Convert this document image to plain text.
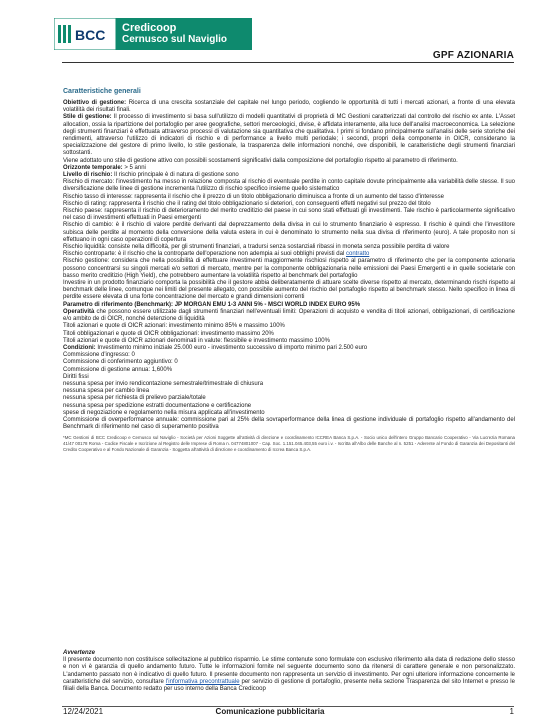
BCC Credicoop
Cernusco sul Naviglio
GPF AZIONARIA
Caratteristiche generali

Obiettivo di gestione: Ricerca di una crescita sostanziale del capitale nel lungo periodo, cogliendo le opportunità di tutti i mercati azionari, a fronte di una elevata volatilità dei risultati finali.

Stile di gestione: Il processo di investimento si basa sull'utilizzo di modelli quantitativi di proprietà di MC Gestioni caratterizzati dal controllo del rischio ex ante. L'Asset allocation, ossia la ripartizione del portafoglio per aree geografiche, settori merceologici, divise, è affidata interamente, alla luce dell'analisi macroeconomica. La selezione degli strumenti finanziari è effettuata attraverso processi di valutazione sia quantitativa che qualitativa. I primi si fondano principalmente sull'analisi delle serie storiche dei rendimenti, attraverso l'utilizzo di indicatori di rischio e di performance a livello multi periodale; i secondi, propri della componente in OICR, considerano la specializzazione del gestore di primo livello, lo stile gestionale, la trasparenza delle informazioni nonché, ove disponibili, le caratteristiche degli strumenti finanziari sottostanti.

Viene adottato uno stile di gestione attivo con possibili scostamenti significativi dalla composizione del portafoglio rispetto al parametro di riferimento.

Orizzonte temporale: > 5 anni

Livello di rischio: Il rischio principale è di natura di gestione sono

Rischio di mercato: l'investimento ha messo in relazione composta al rischio di eventuale perdite in conto capitale dovute principalmente alla variabilità delle stesse. Il suo diversificazione delle linee di gestione incrementa l'utilizzo di rischio specifico insieme quello sistematico

Rischio tasso di interesse: rappresenta il rischio che il prezzo di un titolo obbligazionario diminuisca a fronte di un aumento del tasso d'interesse

Rischio di rating: rappresenta il rischio che il rating del titolo obbligazionario si deteriori, con conseguenti effetti negativi sul prezzo del titolo

Rischio paese: rappresenta il rischio di deterioramento del merito creditizio del paese in cui sono stati effettuati gli investimenti. Tale rischio è particolarmente significativo nel caso di investimenti effettuati in Paesi emergenti

Rischio di cambio: è il rischio di valore perdite derivanti dal deprezzamento della divisa in cui lo strumento finanziario è espresso. Il rischio è quindi che l'investitore subisca delle perdite al momento della conversione della valuta estera in cui è denominato lo strumento nella sua divisa di riferimento (euro). A tale proposito non si effettuano in ogni caso operazioni di copertura

Rischio liquidità: consiste nella difficoltà, per gli strumenti finanziari, a tradursi senza sostanziali ribassi in moneta senza possibile perdita di valore

Rischio controparte: è il rischio che la controparte dell'operazione non adempia ai suoi obblighi previsti dal contratto

Rischio gestione: considera che nella possibilità di effettuare investimenti maggiormente rischiosi rispetto al parametro di riferimento che per la componente azionaria possono concentrarsi su singoli mercati e/o settori di mercato, mentre per la componente obbligazionaria nelle emissioni dei Paesi Emergenti e in quelle societarie con basso merito creditizio (High Yield), che potrebbero aumentare la volatilità rispetto al benchmark del portafoglio

Investire in un prodotto finanziario comporta la possibilità che il gestore abbia deliberatamente di attuare scelte diverse rispetto al mercato, determinando rischi rispetto al benchmark delle linee, comunque nei limiti del presente allegato, con possibile aumento del rischio del portafoglio rispetto al benchmark stesso. Nello specifico in linea di perdite essere elevata di una forte concentrazione del mercato e grandi dimensioni correnti

Parametro di riferimento (Benchmark): JP MORGAN EMU 1-3 ANNI 5% - MSCI WORLD INDEX EURO 95%

Operatività che possono essere utilizzate dagli strumenti finanziari nell'eventuali limiti: Operazioni di acquisto e vendita di titoli azionari, obbligazionari, di certificazione e/o ambito de di OICR, nonché detenzione di liquidità

Titoli azionari e quote di OICR azionari: investimento minimo 85% e massimo 100%

Titoli obbligazionari e quote di OICR obbligazionari: investimento massimo 20%

Titoli azionari e quote di OICR azionari denominati in valute: flessibile e investimento massimo 100%

Condizioni: Investimento minimo iniziale 25.000 euro - investimento successivo di importo minimo pari 2.500 euro

Commissione d'ingresso: 0

Commissione di conferimento aggiuntivo: 0

Commissione di gestione annua: 1,600%

Diritti fissi

nessuna spesa per invio rendicontazione semestrale/trimestrale di chiusura

nessuna spesa per cambio linea

nessuna spesa per richiesta di prelievo parziale/totale

nessuna spesa per spedizione estratti documentazione e certificazione

spese di negoziazione e regolamento nella misura applicata all'investimento

Commissione di overperformance annuale: commissione pari al 25% della sovraperformance della linea di gestione individuale di portafoglio rispetto all'andamento del Benchmark di riferimento nel caso di superamento positiva

*MC Gestioni di BCC Credicoop e Cernusco sul Naviglio - Società per Azioni Soggette all'attività di direzione e coordinamento ICCREA Banca S.p.A. - Socio unico dell'intero Gruppo Bancario Cooperativo - Via Lucrezia Romana 41/47 00178 Roma - Codice Fiscale e Iscrizione al Registro delle Imprese di Roma n. 04774801007 - Cap. Soc. 1.151.045.403,55 euro i.v. - Iscritta all'Albo delle Banche al n. 5251 - Aderente al Fondo di Garanzia dei Depositanti del Credito Cooperativo e al Fondo Nazionale di Garanzia - Soggetta all'attività di direzione e coordinamento di Iccrea Banca S.p.A.

Avvertenze
Il presente documento non costituisce sollecitazione al pubblico risparmio. Le stime contenute sono formulate con esclusivo riferimento alla data di redazione dello stesso e non vi è garanzia di quello andamento futuro. Tutte le informazioni fornite nel seguente documento sono da ritenersi di carattere generale e non personalizzato. L'andamento passato non è indicativo di quello futuro. Il presente documento non rappresenta un servizio di investimento. Per ogni ulteriore informazione concernente le caratteristiche del servizio, consultare l'informativa precontrattuale per servizio di gestione di portafoglio, presente nella sezione Trasparenza del sito Internet e presso le filiali della Banca. Documento redatto per uso interno della Banca Credicoop
12/24/2021	Comunicazione pubblicitaria	1
